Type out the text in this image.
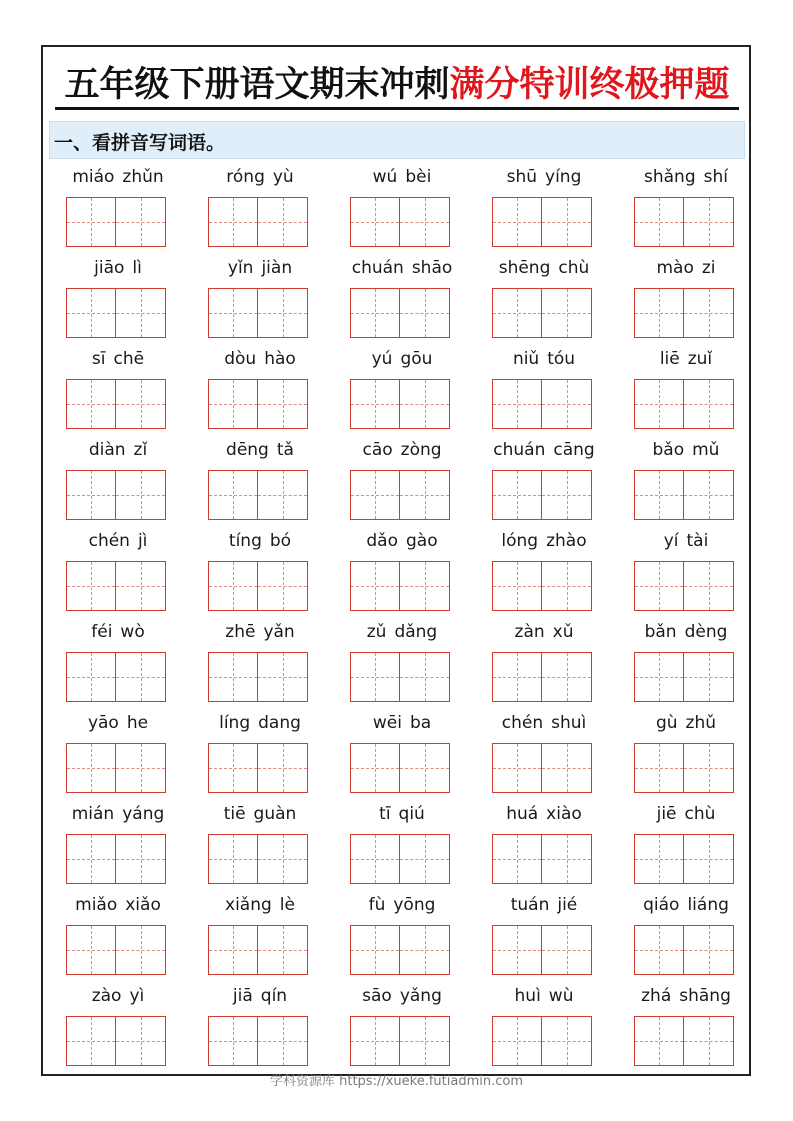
五年级下册语文期末冲刺 满分特训终极押题
一、看拼音写词语。
miáo zhǔn	róng yù	wú bèi	shū yíng	shǎng shí
jiāo lì	yǐn jiàn	chuán shāo	shēng chù	mào zi
sī chē	dòu hào	yú gōu	niǔ tóu	liē zuǐ
diàn zǐ	dēng tǎ	cāo zòng	chuán cāng	bǎo mǔ
chén jì	tíng bó	dǎo gào	lóng zhào	yí tài
féi wò	zhē yǎn	zǔ dǎng	zàn xǔ	bǎn dèng
yāo he	líng dang	wēi ba	chén shuì	gù zhǔ
mián yáng	tiē guàn	tī qiú	huá xiào	jiē chù
miǎo xiǎo	xiǎng lè	fù yōng	tuán jié	qiáo liáng
zào yì	jiā qín	sāo yǎng	huì wù	zhá shāng
学科资源库 https://xueke.futiadmin.com
